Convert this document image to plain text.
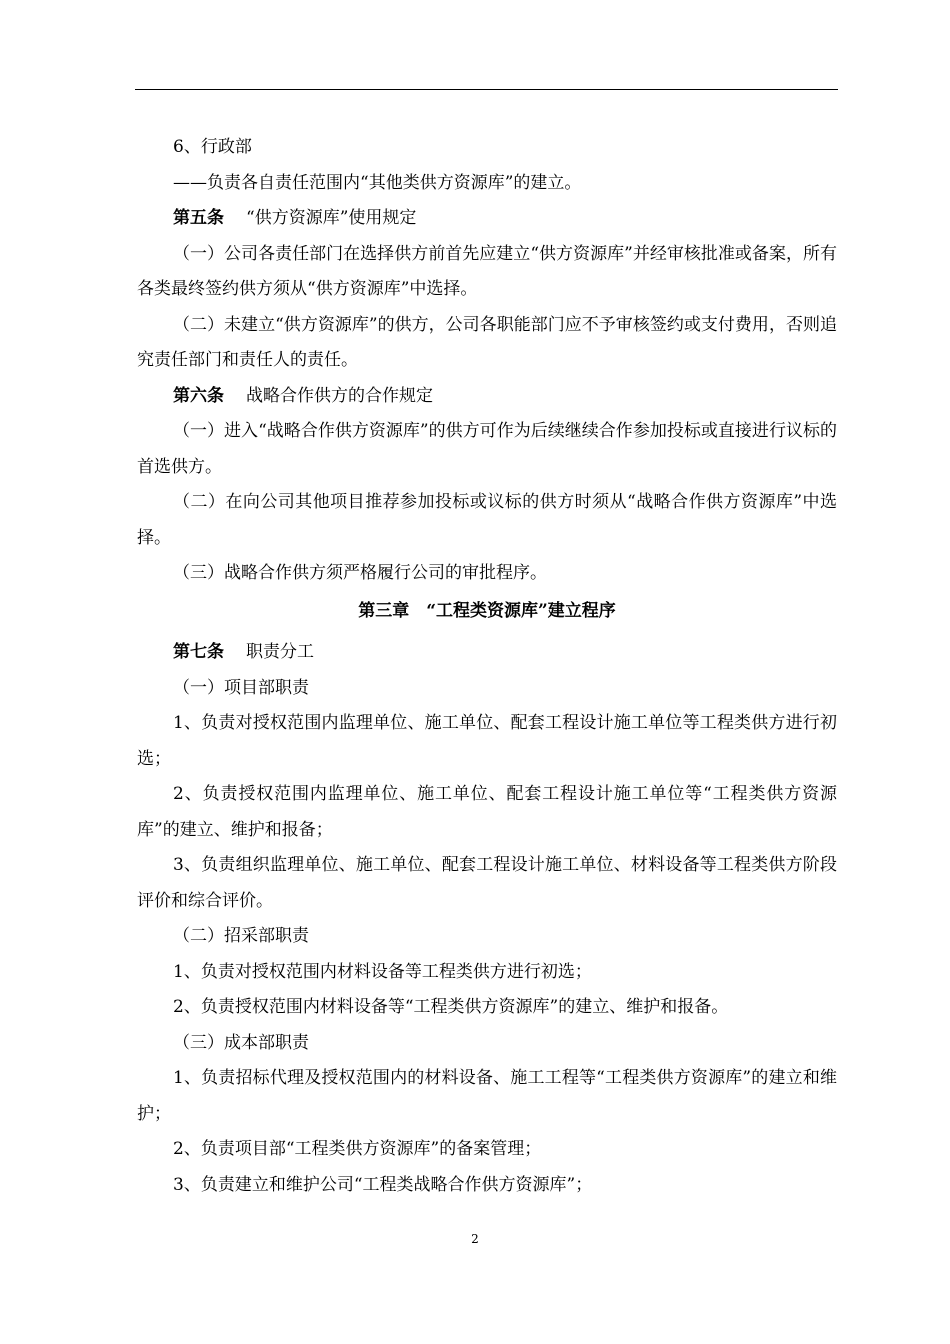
6、行政部

——负责各自责任范围内“其他类供方资源库”的建立。

第五条 “供方资源库”使用规定

（一）公司各责任部门在选择供方前首先应建立“供方资源库”并经审核批准或备案，所有各类最终签约供方须从“供方资源库”中选择。

（二）未建立“供方资源库”的供方，公司各职能部门应不予审核签约或支付费用，否则追究责任部门和责任人的责任。

第六条 战略合作供方的合作规定

（一）进入“战略合作供方资源库”的供方可作为后续继续合作参加投标或直接进行议标的首选供方。

（二）在向公司其他项目推荐参加投标或议标的供方时须从“战略合作供方资源库”中选择。

（三）战略合作供方须严格履行公司的审批程序。

第三章　“工程类资源库”建立程序

第七条 职责分工

（一）项目部职责

1、负责对授权范围内监理单位、施工单位、配套工程设计施工单位等工程类供方进行初选；

2、负责授权范围内监理单位、施工单位、配套工程设计施工单位等“工程类供方资源库”的建立、维护和报备；

3、负责组织监理单位、施工单位、配套工程设计施工单位、材料设备等工程类供方阶段评价和综合评价。

（二）招采部职责

1、负责对授权范围内材料设备等工程类供方进行初选；

2、负责授权范围内材料设备等“工程类供方资源库”的建立、维护和报备。

（三）成本部职责

1、负责招标代理及授权范围内的材料设备、施工工程等“工程类供方资源库”的建立和维护；

2、负责项目部“工程类供方资源库”的备案管理；

3、负责建立和维护公司“工程类战略合作供方资源库”；

2
